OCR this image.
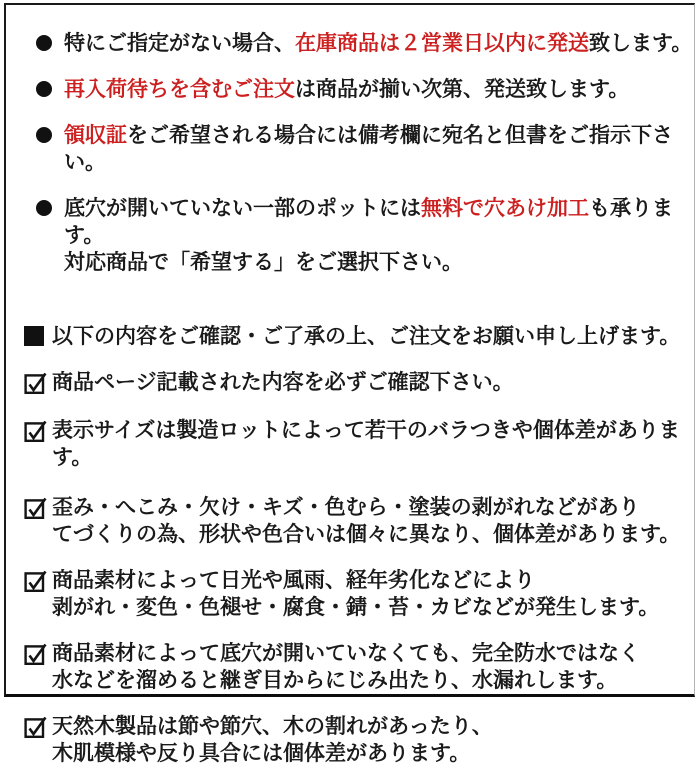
特にご指定がない場合、在庫商品は２営業日以内に発送致します。
再入荷待ちを含むご注文は商品が揃い次第、発送致します。
領収証をご希望される場合には備考欄に宛名と但書をご指示下さい。
底穴が開いていない一部のポットには無料で穴あけ加工も承ります。
対応商品で「希望する」をご選択下さい。
以下の内容をご確認・ご了承の上、ご注文をお願い申し上げます。
商品ページ記載された内容を必ずご確認下さい。
表示サイズは製造ロットによって若干のバラつきや個体差があります。
歪み・へこみ・欠け・キズ・色むら・塗装の剥がれなどがあり
てづくりの為、形状や色合いは個々に異なり、個体差があります。
商品素材によって日光や風雨、経年劣化などにより
剥がれ・変色・色褪せ・腐食・錆・苔・カビなどが発生します。
商品素材によって底穴が開いていなくても、完全防水ではなく
水などを溜めると継ぎ目からにじみ出たり、水漏れします。
天然木製品は節や節穴、木の割れがあったり、
木肌模様や反り具合には個体差があります。
